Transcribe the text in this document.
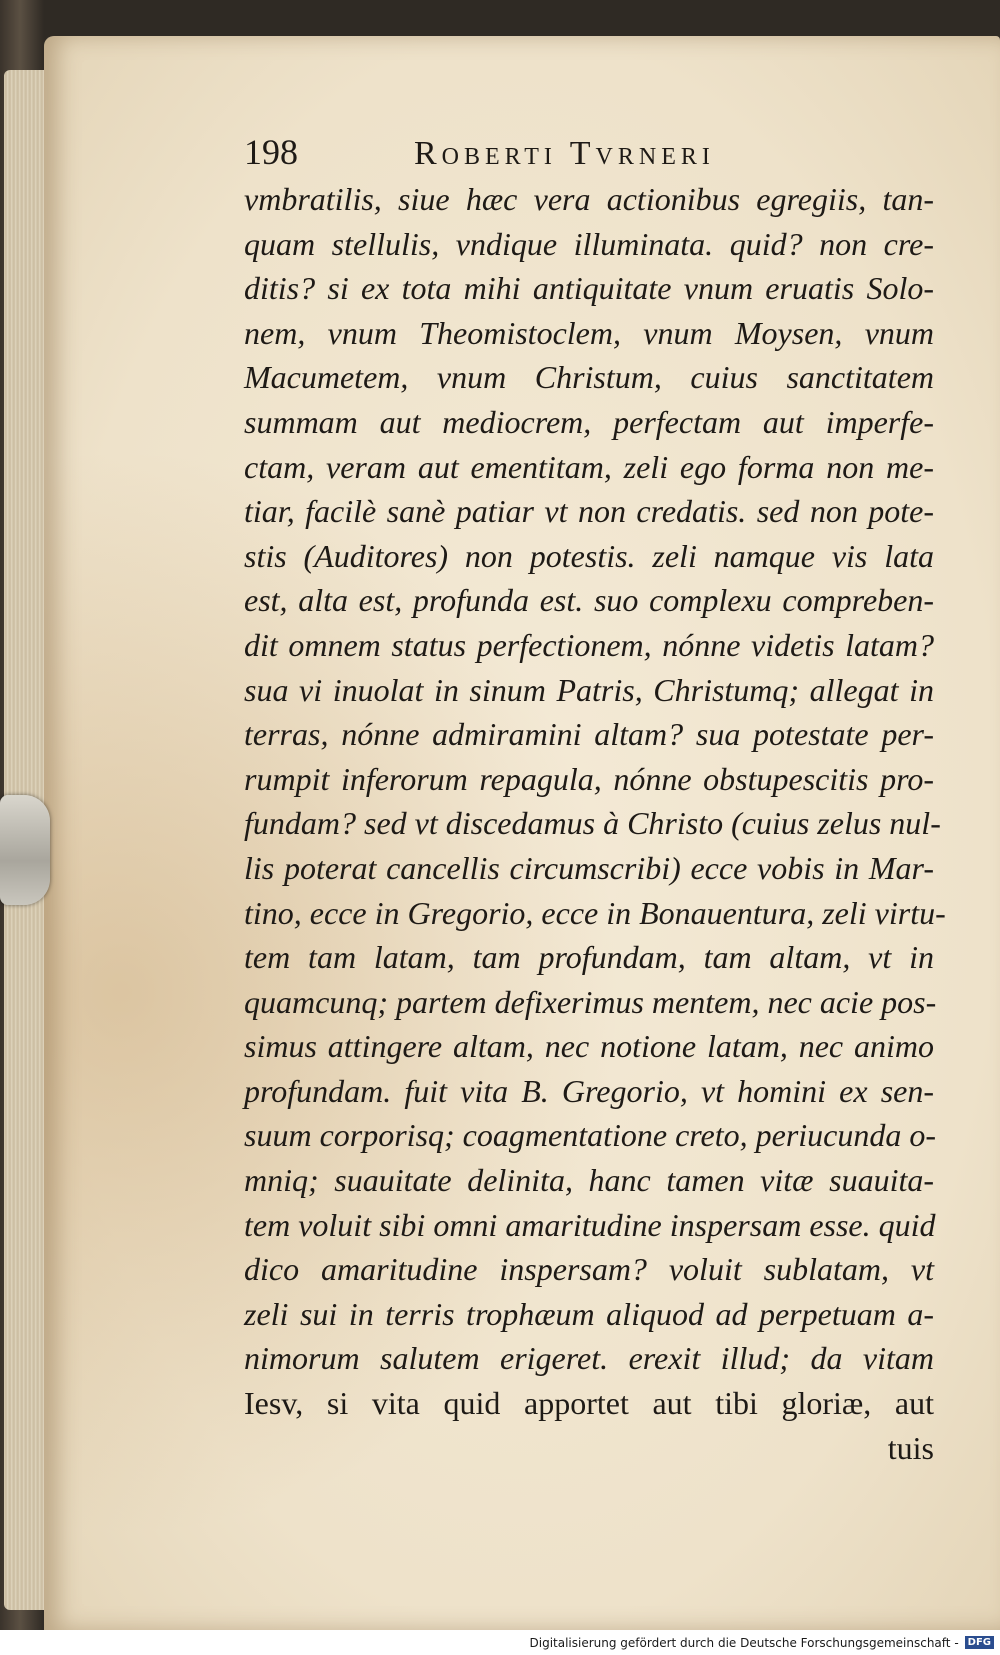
198	Roberti Tvrneri
vmbratilis, siue hæc vera actionibus egregiis, tan-
quam stellulis, vndique illuminata. quid? non cre-
ditis? si ex tota mihi antiquitate vnum eruatis Solo-
nem, vnum Theomistoclem, vnum Moysen, vnum
Macumetem, vnum Christum, cuius sanctitatem
summam aut mediocrem, perfectam aut imperfe-
ctam, veram aut ementitam, zeli ego forma non me-
tiar, facilè sanè patiar vt non credatis. sed non pote-
stis (Auditores) non potestis. zeli namque vis lata
est, alta est, profunda est. suo complexu compreben-
dit omnem status perfectionem, nónne videtis latam?
sua vi inuolat in sinum Patris, Christumq; allegat in
terras, nónne admiramini altam? sua potestate per-
rumpit inferorum repagula, nónne obstupescitis pro-
fundam? sed vt discedamus à Christo (cuius zelus nul-
lis poterat cancellis circumscribi) ecce vobis in Mar-
tino, ecce in Gregorio, ecce in Bonauentura, zeli virtu-
tem tam latam, tam profundam, tam altam, vt in
quamcunq; partem defixerimus mentem, nec acie pos-
simus attingere altam, nec notione latam, nec animo
profundam. fuit vita B. Gregorio, vt homini ex sen-
suum corporisq; coagmentatione creto, periucunda o-
mniq; suauitate delinita, hanc tamen vitæ suauita-
tem voluit sibi omni amaritudine inspersam esse. quid
dico amaritudine inspersam? voluit sublatam, vt
zeli sui in terris trophæum aliquod ad perpetuam a-
nimorum salutem erigeret. erexit illud; da vitam
Iesv, si vita quid apportet aut tibi gloriæ, aut
tuis
Digitalisierung gefördert durch die Deutsche Forschungsgemeinschaft - DFG
